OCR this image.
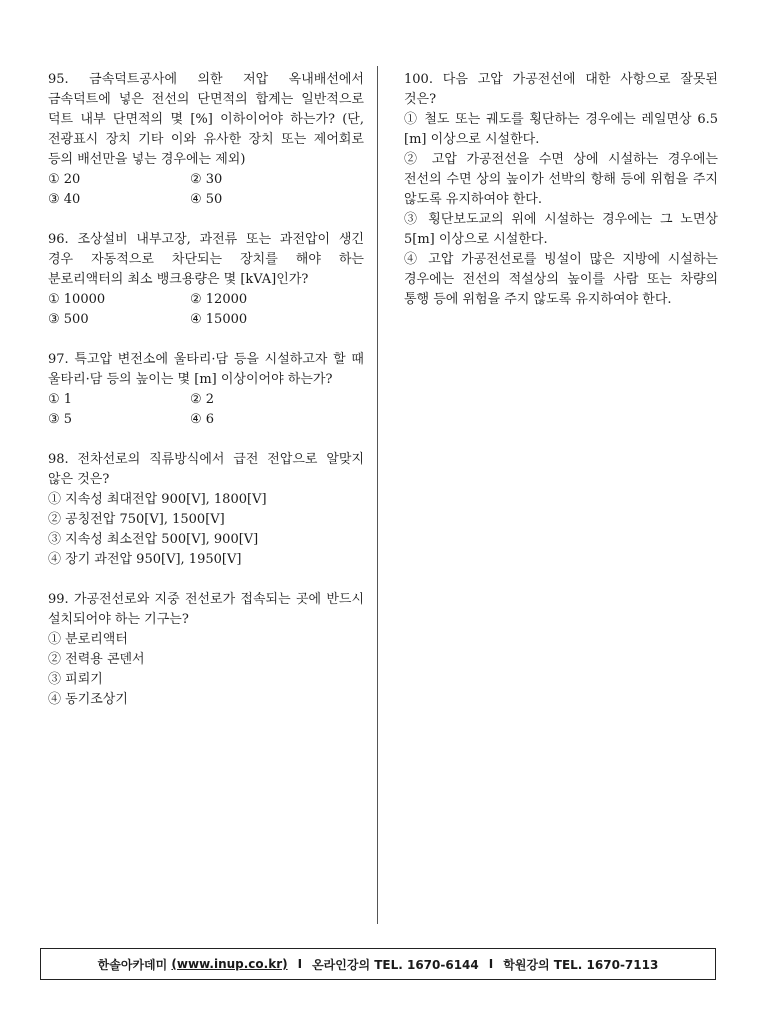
95. 금속덕트공사에 의한 저압 옥내배선에서 금속덕트에 넣은 전선의 단면적의 합계는 일반적으로 덕트 내부 단면적의 몇 [%] 이하이어야 하는가? (단, 전광표시 장치 기타 이와 유사한 장치 또는 제어회로 등의 배선만을 넣는 경우에는 제외)
① 20	② 30
③ 40	④ 50
96. 조상설비 내부고장, 과전류 또는 과전압이 생긴 경우 자동적으로 차단되는 장치를 해야 하는 분로리액터의 최소 뱅크용량은 몇 [kVA]인가?
① 10000	② 12000
③ 500	④ 15000
97. 특고압 변전소에 울타리·담 등을 시설하고자 할 때 울타리·담 등의 높이는 몇 [m] 이상이어야 하는가?
① 1	② 2
③ 5	④ 6
98. 전차선로의 직류방식에서 급전 전압으로 알맞지 않은 것은?
① 지속성 최대전압 900[V], 1800[V]
② 공칭전압 750[V], 1500[V]
③ 지속성 최소전압 500[V], 900[V]
④ 장기 과전압 950[V], 1950[V]
99. 가공전선로와 지중 전선로가 접속되는 곳에 반드시 설치되어야 하는 기구는?
① 분로리액터
② 전력용 콘덴서
③ 피뢰기
④ 동기조상기
100. 다음 고압 가공전선에 대한 사항으로 잘못된 것은?
① 철도 또는 궤도를 횡단하는 경우에는 레일면상 6.5 [m] 이상으로 시설한다.
② 고압 가공전선을 수면 상에 시설하는 경우에는 전선의 수면 상의 높이가 선박의 항해 등에 위험을 주지 않도록 유지하여야 한다.
③ 횡단보도교의 위에 시설하는 경우에는 그 노면상 5[m] 이상으로 시설한다.
④ 고압 가공전선로를 빙설이 많은 지방에 시설하는 경우에는 전선의 적설상의 높이를 사람 또는 차량의 통행 등에 위험을 주지 않도록 유지하여야 한다.
한솔아카데미
(www.inup.co.kr) I 온라인강의 TEL. 1670-6144 I 학원강의 TEL. 1670-7113
